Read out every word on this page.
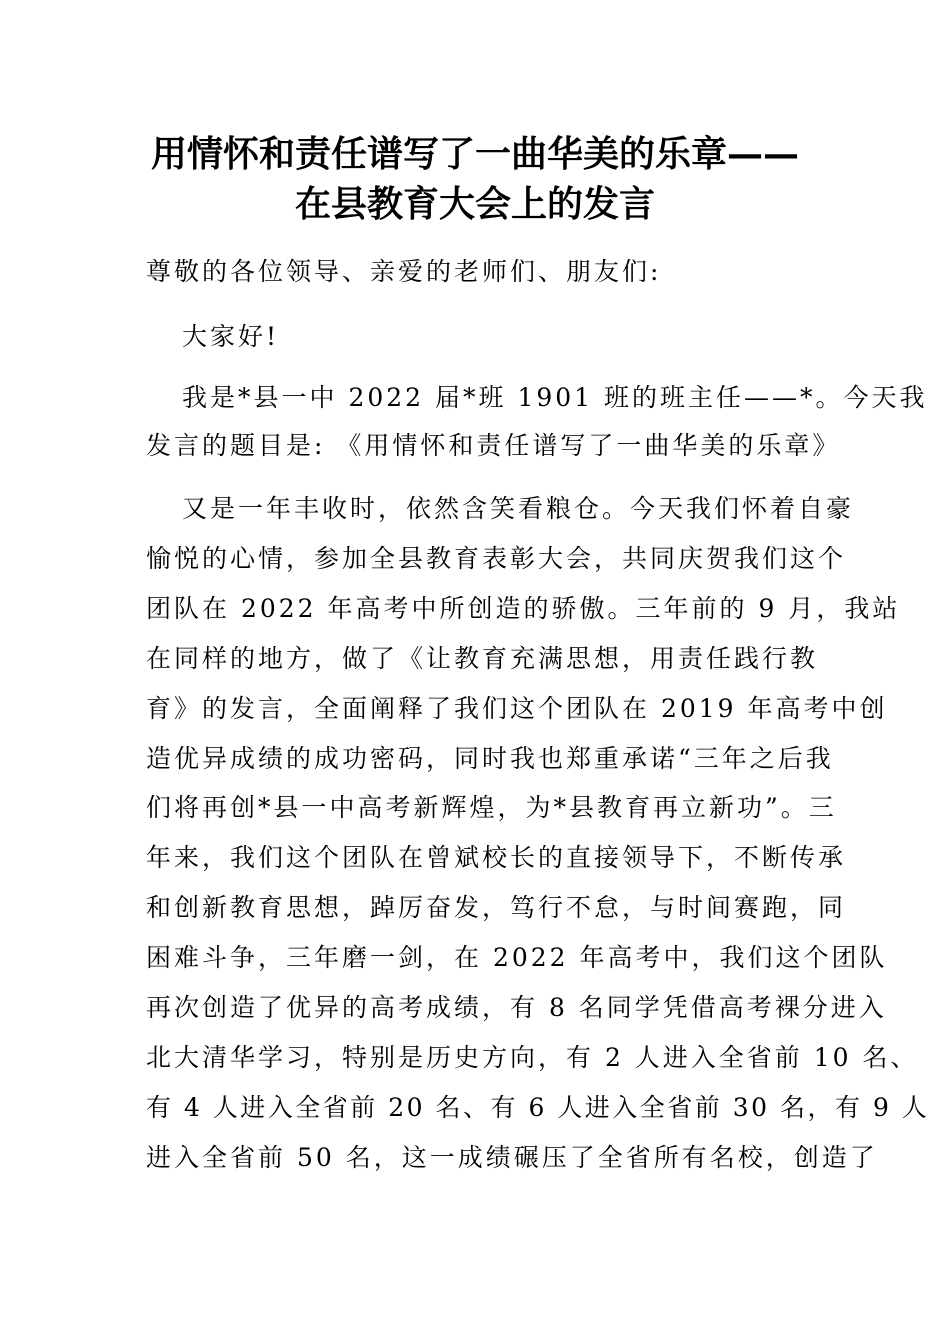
用情怀和责任谱写了一曲华美的乐章——
在县教育大会上的发言
尊敬的各位领导、亲爱的老师们、朋友们:
大家好!
我是*县一中 2022 届*班 1901 班的班主任——*。今天我
发言的题目是: 《用情怀和责任谱写了一曲华美的乐章》
又是一年丰收时，依然含笑看粮仓。今天我们怀着自豪
愉悦的心情，参加全县教育表彰大会，共同庆贺我们这个
团队在 2022 年高考中所创造的骄傲。三年前的 9 月，我站
在同样的地方，做了《让教育充满思想，用责任践行教
育》的发言，全面阐释了我们这个团队在 2019 年高考中创
造优异成绩的成功密码，同时我也郑重承诺“三年之后我
们将再创*县一中高考新辉煌，为*县教育再立新功”。三
年来，我们这个团队在曾斌校长的直接领导下，不断传承
和创新教育思想，踔厉奋发，笃行不怠，与时间赛跑，同
困难斗争，三年磨一剑，在 2022 年高考中，我们这个团队
再次创造了优异的高考成绩，有 8 名同学凭借高考裸分进入
北大清华学习，特别是历史方向，有 2 人进入全省前 10 名、
有 4 人进入全省前 20 名、有 6 人进入全省前 30 名，有 9 人
进入全省前 50 名，这一成绩碾压了全省所有名校，创造了
